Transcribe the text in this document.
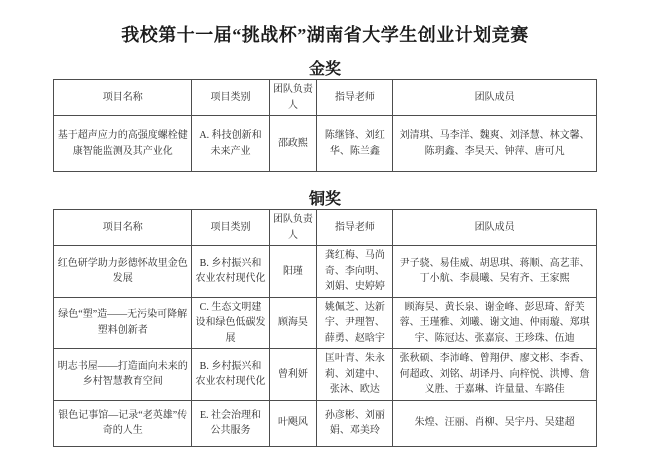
我校第十一届“挑战杯”湖南省大学生创业计划竞赛
金奖
项目名称	项目类别	团队负责人	指导老师	团队成员
基于超声应力的高强度螺栓健康智能监测及其产业化	A. 科技创新和未来产业	邵政熙	陈继锋、刘红华、陈兰鑫	刘清琪、马李洋、魏爽、刘泽慧、林文馨、陈玥鑫、李昊天、钟萍、唐可凡
铜奖
项目名称	项目类别	团队负责人	指导老师	团队成员
红色研学助力彭德怀故里金色发展	B. 乡村振兴和农业农村现代化	阳瑾	龚红梅、马尚奇、李向明、刘娟、史婷婷	尹子骁、易佳威、胡思琪、蒋顺、高艺菲、丁小航、李晨曦、吴宥齐、王家熙
绿色“塑”造——无污染可降解塑料创新者	C. 生态文明建设和绿色低碳发展	顾海昊	姚佩芝、达新宇、尹理智、薛勇、赵晗宇	顾海昊、黄长泉、谢金峰、彭思琦、舒芙蓉、王瑾雅、刘曦、谢文迪、仲雨璇、郑琪宇、陈冠达、张嘉宸、王珍珠、伍迪
明志书屋——打造面向未来的乡村智慧教育空间	B. 乡村振兴和农业农村现代化	曾利妍	匡叶青、朱永莉、刘建中、张沐、欧达	张秋硕、李沛峰、曾翔伊、廖文彬、李香、何超政、刘铭、胡译丹、向梓悦、洪博、詹义胜、于嘉琳、许量量、车路佳
银色记事馆—记录“老英雄”传奇的人生	E. 社会治理和公共服务	叶飓风	孙彦彬、刘丽娟、邓美玲	朱煌、汪丽、肖柳、吴宇丹、吴建超
